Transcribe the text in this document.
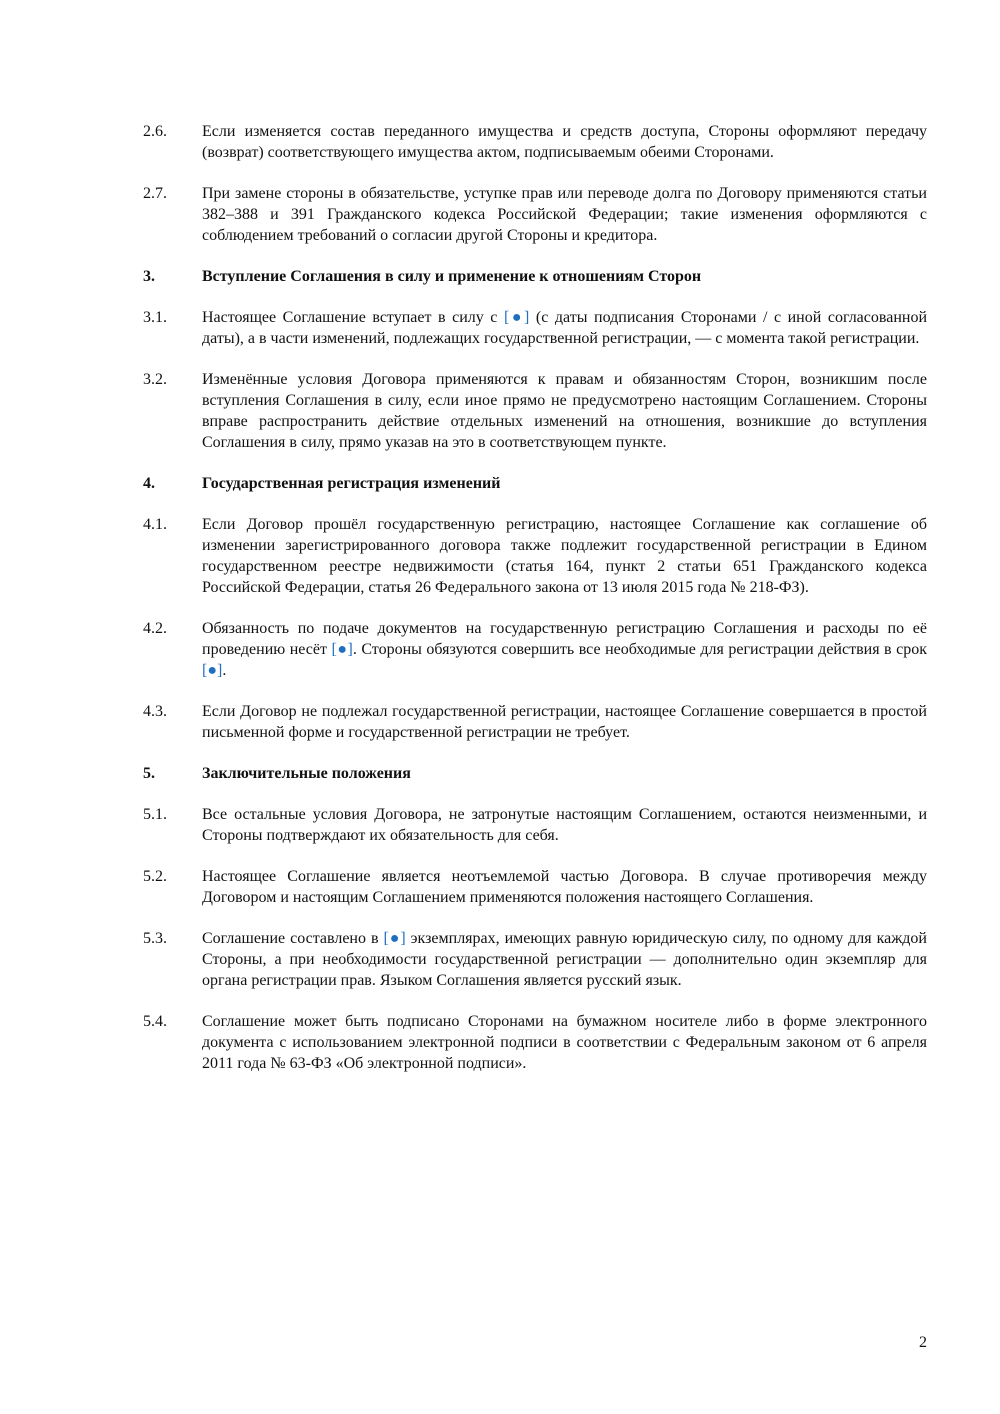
2.6.	Если изменяется состав переданного имущества и средств доступа, Стороны оформляют передачу (возврат) соответствующего имущества актом, подписываемым обеими Сторонами.
2.7.	При замене стороны в обязательстве, уступке прав или переводе долга по Договору применяются статьи 382–388 и 391 Гражданского кодекса Российской Федерации; такие изменения оформляются с соблюдением требований о согласии другой Стороны и кредитора.
3.	Вступление Соглашения в силу и применение к отношениям Сторон
3.1.	Настоящее Соглашение вступает в силу с [●] (с даты подписания Сторонами / с иной согласованной даты), а в части изменений, подлежащих государственной регистрации, — с момента такой регистрации.
3.2.	Изменённые условия Договора применяются к правам и обязанностям Сторон, возникшим после вступления Соглашения в силу, если иное прямо не предусмотрено настоящим Соглашением. Стороны вправе распространить действие отдельных изменений на отношения, возникшие до вступления Соглашения в силу, прямо указав на это в соответствующем пункте.
4.	Государственная регистрация изменений
4.1.	Если Договор прошёл государственную регистрацию, настоящее Соглашение как соглашение об изменении зарегистрированного договора также подлежит государственной регистрации в Едином государственном реестре недвижимости (статья 164, пункт 2 статьи 651 Гражданского кодекса Российской Федерации, статья 26 Федерального закона от 13 июля 2015 года № 218-ФЗ).
4.2.	Обязанность по подаче документов на государственную регистрацию Соглашения и расходы по её проведению несёт [●]. Стороны обязуются совершить все необходимые для регистрации действия в срок [●].
4.3.	Если Договор не подлежал государственной регистрации, настоящее Соглашение совершается в простой письменной форме и государственной регистрации не требует.
5.	Заключительные положения
5.1.	Все остальные условия Договора, не затронутые настоящим Соглашением, остаются неизменными, и Стороны подтверждают их обязательность для себя.
5.2.	Настоящее Соглашение является неотъемлемой частью Договора. В случае противоречия между Договором и настоящим Соглашением применяются положения настоящего Соглашения.
5.3.	Соглашение составлено в [●] экземплярах, имеющих равную юридическую силу, по одному для каждой Стороны, а при необходимости государственной регистрации — дополнительно один экземпляр для органа регистрации прав. Языком Соглашения является русский язык.
5.4.	Соглашение может быть подписано Сторонами на бумажном носителе либо в форме электронного документа с использованием электронной подписи в соответствии с Федеральным законом от 6 апреля 2011 года № 63-ФЗ «Об электронной подписи».
2
